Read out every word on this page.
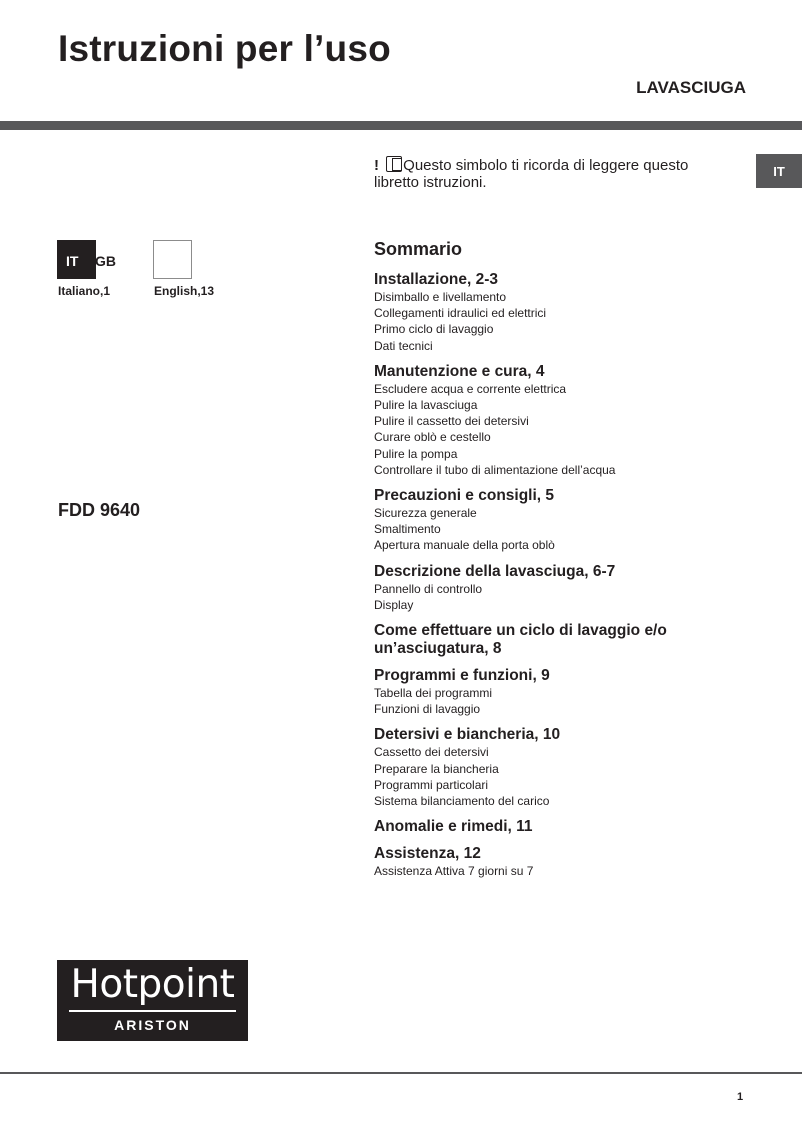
Istruzioni per l’uso
LAVASCIUGA
IT
! Questo simbolo ti ricorda di leggere questo libretto istruzioni.
IT GB
Italiano,1	English,13
FDD 9640
Sommario
Installazione, 2-3
Disimballo e livellamento
Collegamenti idraulici ed elettrici
Primo ciclo di lavaggio
Dati tecnici
Manutenzione e cura, 4
Escludere acqua e corrente elettrica
Pulire la lavasciuga
Pulire il cassetto dei detersivi
Curare oblò e cestello
Pulire la pompa
Controllare il tubo di alimentazione dell’acqua
Precauzioni e consigli, 5
Sicurezza generale
Smaltimento
Apertura manuale della porta oblò
Descrizione della lavasciuga, 6-7
Pannello di controllo
Display
Come effettuare un ciclo di lavaggio e/o un’asciugatura, 8
Programmi e funzioni, 9
Tabella dei programmi
Funzioni di lavaggio
Detersivi e biancheria, 10
Cassetto dei detersivi
Preparare la biancheria
Programmi particolari
Sistema bilanciamento del carico
Anomalie e rimedi, 11
Assistenza, 12
Assistenza Attiva 7 giorni su 7
Hotpoint
ARISTON
1
